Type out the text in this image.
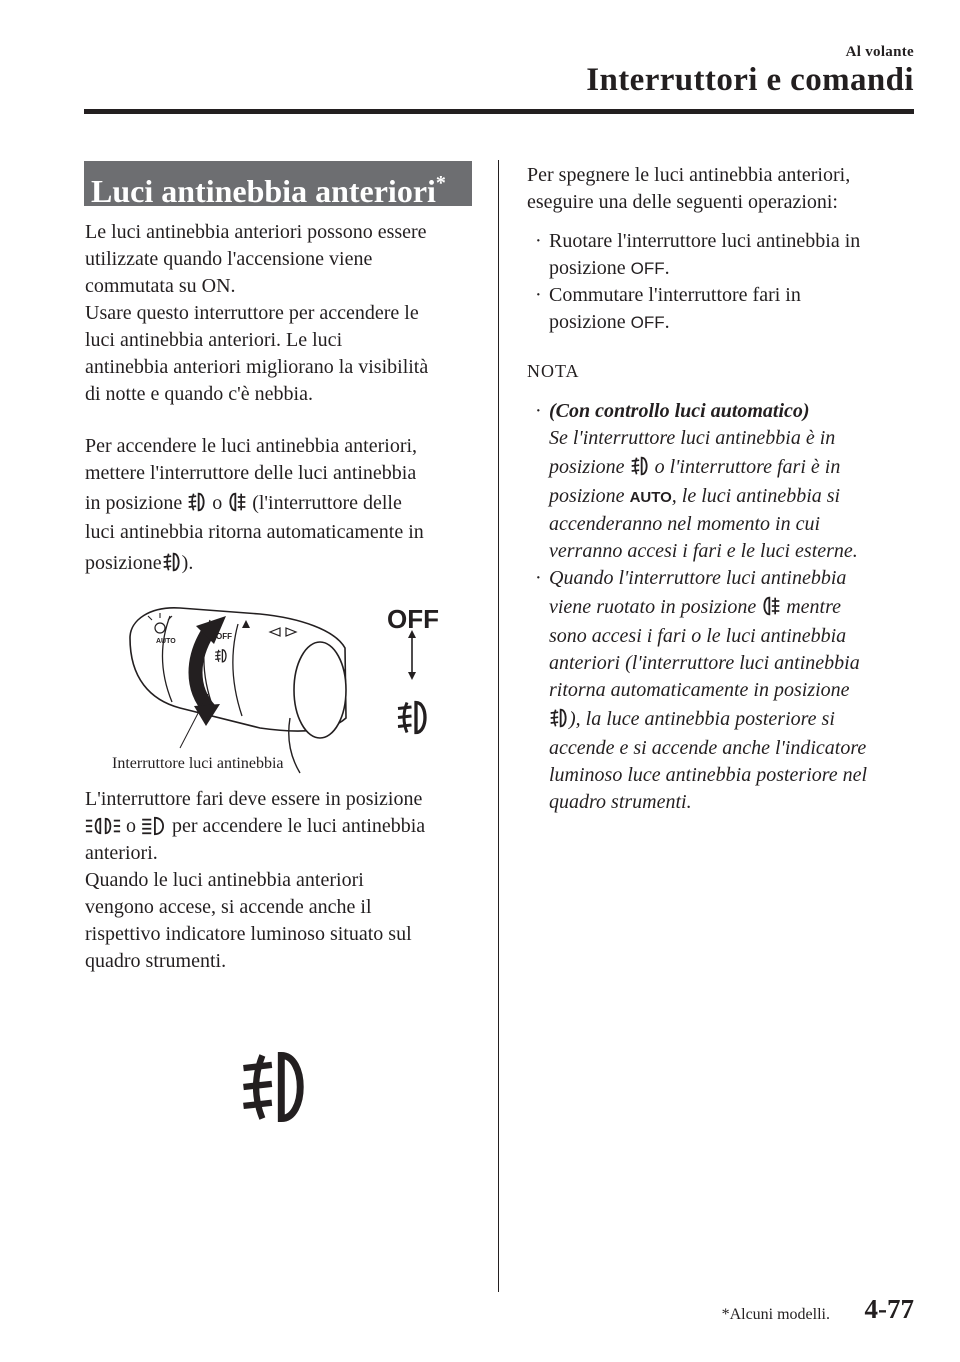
Al volante
Interruttori e comandi
Luci antinebbia anteriori*

Le luci antinebbia anteriori possono essere

utilizzate quando l'accensione viene

commutata su ON.

Usare questo interruttore per accendere le

luci antinebbia anteriori. Le luci

antinebbia anteriori migliorano la visibilità

di notte e quando c'è nebbia.

Per accendere le luci antinebbia anteriori,

mettere l'interruttore delle luci antinebbia

in posizione o (l'interruttore delle

luci antinebbia ritorna automaticamente in

posizione ).

OFF
OFF
AUTO
Interruttore luci antinebbia

L'interruttore fari deve essere in posizione

o per accendere le luci antinebbia

anteriori.

Quando le luci antinebbia anteriori

vengono accese, si accende anche il

rispettivo indicatore luminoso situato sul

quadro strumenti.

Per spegnere le luci antinebbia anteriori,

eseguire una delle seguenti operazioni:

· Ruotare l'interruttore luci antinebbia in

posizione OFF.

· Commutare l'interruttore fari in

posizione OFF.

NOTA
· (Con controllo luci automatico)

Se l'interruttore luci antinebbia è in

posizione o l'interruttore fari è in

posizione AUTO, le luci antinebbia si

accenderanno nel momento in cui

verranno accesi i fari e le luci esterne.

· Quando l'interruttore luci antinebbia

viene ruotato in posizione mentre

sono accesi i fari o le luci antinebbia

anteriori (l'interruttore luci antinebbia

ritorna automaticamente in posizione

), la luce antinebbia posteriore si

accende e si accende anche l'indicatore

luminoso luce antinebbia posteriore nel

quadro strumenti.

*Alcuni modelli. 4-77
